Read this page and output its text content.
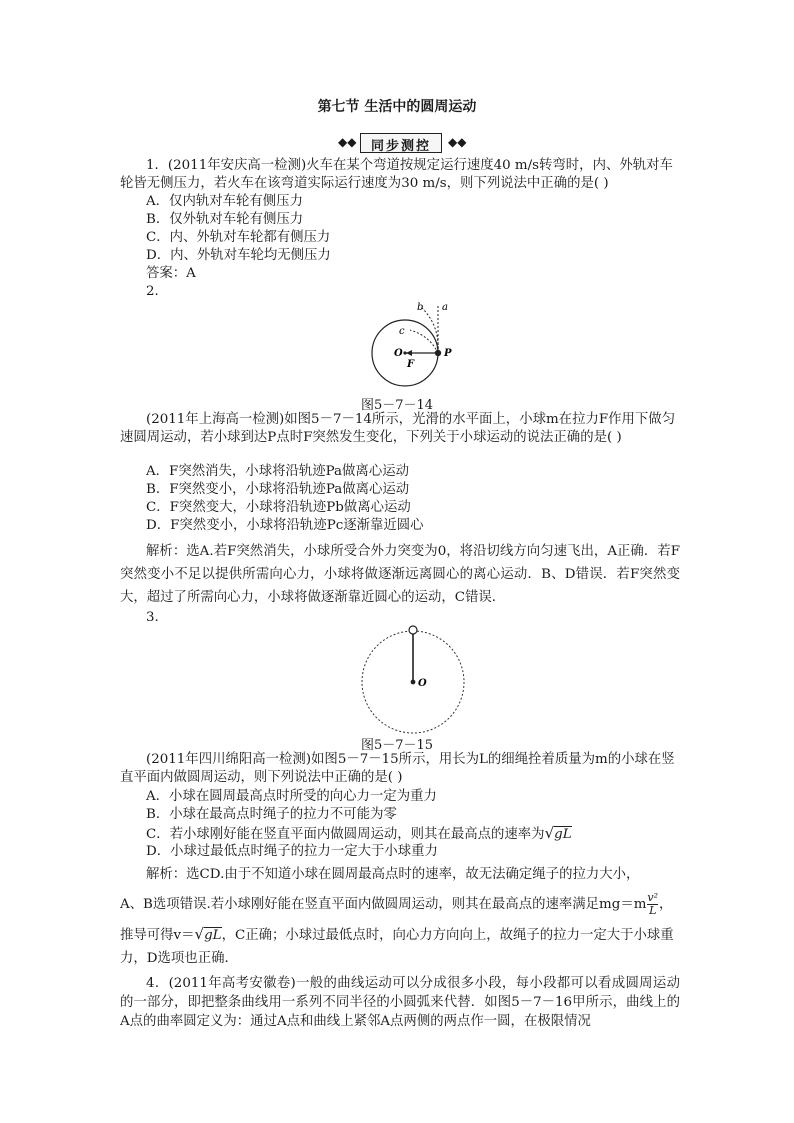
第七节 生活中的圆周运动
◆◆	同步测控	◆◆
1．(2011年安庆高一检测)火车在某个弯道按规定运行速度40 m/s转弯时，内、外轨对车轮皆无侧压力，若火车在该弯道实际运行速度为30 m/s，则下列说法中正确的是( )
A．仅内轨对车轮有侧压力
B．仅外轨对车轮有侧压力
C．内、外轨对车轮都有侧压力
D．内、外轨对车轮均无侧压力
答案：A
2.
b a
c
O	P
F
图5－7－14
(2011年上海高一检测)如图5－7－14所示，光滑的水平面上，小球m在拉力F作用下做匀速圆周运动，若小球到达P点时F突然发生变化，下列关于小球运动的说法正确的是( )
A．F突然消失，小球将沿轨迹Pa做离心运动
B．F突然变小，小球将沿轨迹Pa做离心运动
C．F突然变大，小球将沿轨迹Pb做离心运动
D．F突然变小，小球将沿轨迹Pc逐渐靠近圆心
解析：选A.若F突然消失，小球所受合外力突变为0，将沿切线方向匀速飞出，A正确．若F突然变小不足以提供所需向心力，小球将做逐渐远离圆心的离心运动．B、D错误．若F突然变大，超过了所需向心力，小球将做逐渐靠近圆心的运动，C错误．
3.
O
图5－7－15
(2011年四川绵阳高一检测)如图5－7－15所示，用长为L的细绳拴着质量为m的小球在竖直平面内做圆周运动，则下列说法中正确的是( )
A．小球在圆周最高点时所受的向心力一定为重力
B．小球在最高点时绳子的拉力不可能为零
C．若小球刚好能在竖直平面内做圆周运动，则其在最高点的速率为√gL
D．小球过最低点时绳子的拉力一定大于小球重力
解析：选CD.由于不知道小球在圆周最高点时的速率，故无法确定绳子的拉力大小，
A、B选项错误.若小球刚好能在竖直平面内做圆周运动，则其在最高点的速率满足$mg=m \frac{\text{v²}}{L}$ ，
推导可得v＝√gL，C正确；小球过最低点时，向心力方向向上，故绳子的拉力一定大于小球重力，D选项也正确．
4．(2011年高考安徽卷)一般的曲线运动可以分成很多小段，每小段都可以看成圆周运动的一部分，即把整条曲线用一系列不同半径的小圆弧来代替．如图5－7－16甲所示，曲线上的A点的曲率圆定义为：通过A点和曲线上紧邻A点两侧的两点作一圆，在极限情况
